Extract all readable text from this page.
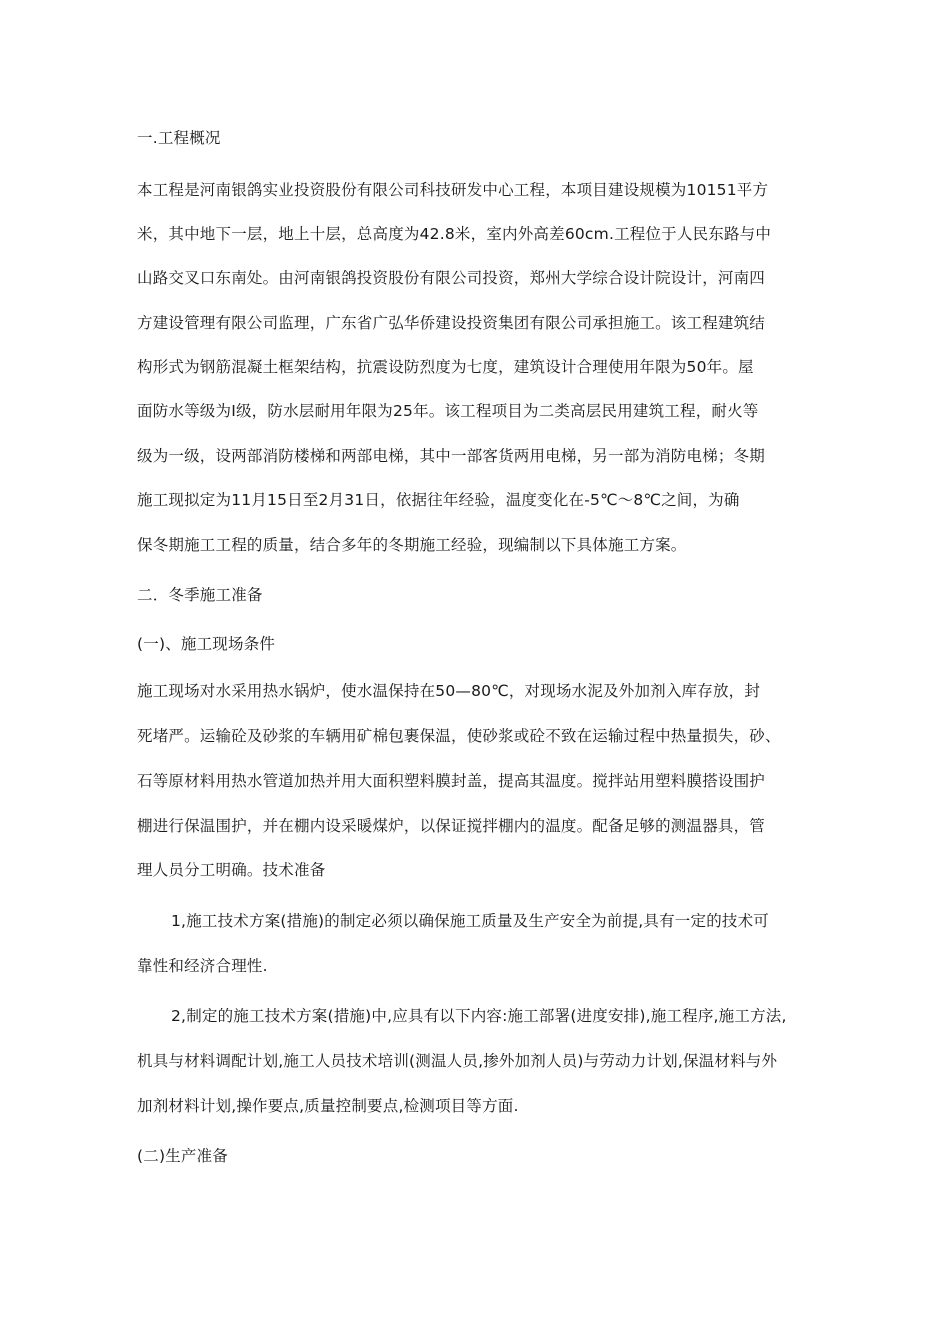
一.工程概况
本工程是河南银鸽实业投资股份有限公司科技研发中心工程，本项目建设规模为10151平方
米，其中地下一层，地上十层，总高度为42.8米，室内外高差60cm.工程位于人民东路与中
山路交叉口东南处。由河南银鸽投资股份有限公司投资，郑州大学综合设计院设计，河南四
方建设管理有限公司监理，广东省广弘华侨建设投资集团有限公司承担施工。该工程建筑结
构形式为钢筋混凝土框架结构，抗震设防烈度为七度，建筑设计合理使用年限为50年。屋
面防水等级为Ⅰ级，防水层耐用年限为25年。该工程项目为二类高层民用建筑工程，耐火等
级为一级，设两部消防楼梯和两部电梯，其中一部客货两用电梯，另一部为消防电梯；冬期
施工现拟定为11月15日至2月31日，依据往年经验，温度变化在-5℃～8℃之间，为确
保冬期施工工程的质量，结合多年的冬期施工经验，现编制以下具体施工方案。
二．冬季施工准备
(一)、施工现场条件
施工现场对水采用热水锅炉，使水温保持在50—80℃，对现场水泥及外加剂入库存放，封
死堵严。运输砼及砂浆的车辆用矿棉包裹保温，使砂浆或砼不致在运输过程中热量损失，砂、
石等原材料用热水管道加热并用大面积塑料膜封盖，提高其温度。搅拌站用塑料膜搭设围护
棚进行保温围护，并在棚内设采暖煤炉，以保证搅拌棚内的温度。配备足够的测温器具，管
理人员分工明确。技术准备
1,施工技术方案(措施)的制定必须以确保施工质量及生产安全为前提,具有一定的技术可
靠性和经济合理性.
2,制定的施工技术方案(措施)中,应具有以下内容:施工部署(进度安排),施工程序,施工方法,
机具与材料调配计划,施工人员技术培训(测温人员,掺外加剂人员)与劳动力计划,保温材料与外
加剂材料计划,操作要点,质量控制要点,检测项目等方面.
(二)生产准备
